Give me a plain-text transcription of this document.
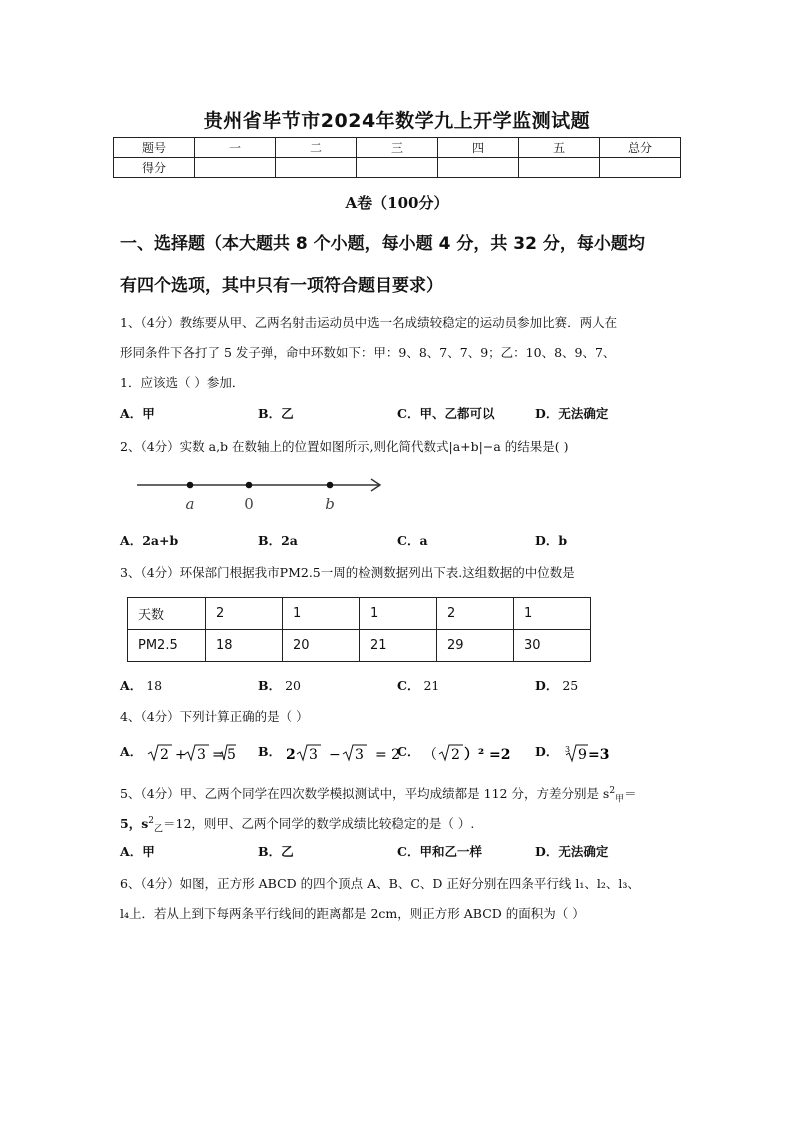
贵州省毕节市2024年数学九上开学监测试题
题号	一	二	三	四	五	总分
得分						
A卷（100分）
一、选择题（本大题共 8 个小题，每小题 4 分，共 32 分，每小题均
有四个选项，其中只有一项符合题目要求）
1、（4分）教练要从甲、乙两名射击运动员中选一名成绩较稳定的运动员参加比赛．两人在
形同条件下各打了 5 发子弹，命中环数如下：甲：9、8、7、7、9；乙：10、8、9、7、
1．应该选（ ）参加．
A．甲	B．乙	C．甲、乙都可以	D．无法确定
2、（4分）实数 a,b 在数轴上的位置如图所示,则化简代数式|a+b|−a 的结果是( )
a	0	b
A．2a+b	B．2a	C．a	D．b
3、（4分）环保部门根据我市PM2.5一周的检测数据列出下表.这组数据的中位数是
天数	2	1	1	2	1
PM2.5	18	20	21	29	30
A． 18	B． 20	C． 21	D． 25
4、（4分）下列计算正确的是（ ）
A． 2 + 3 = 5 B． 2 3 − 3 = 2
C． （ 2 ）² =2 D． 3 9 =3
5、（4分）甲、乙两个同学在四次数学模拟测试中，平均成绩都是 112 分，方差分别是 $s^2_甲=$
5，$s^2_乙=12$，则甲、乙两个同学的数学成绩比较稳定的是（ ）.
A．甲	B．乙	C．甲和乙一样	D．无法确定
6、（4分）如图，正方形 ABCD 的四个顶点 A、B、C、D 正好分别在四条平行线 l₁、l₂、l₃、
l₄上．若从上到下每两条平行线间的距离都是 2cm，则正方形 ABCD 的面积为（ ）
